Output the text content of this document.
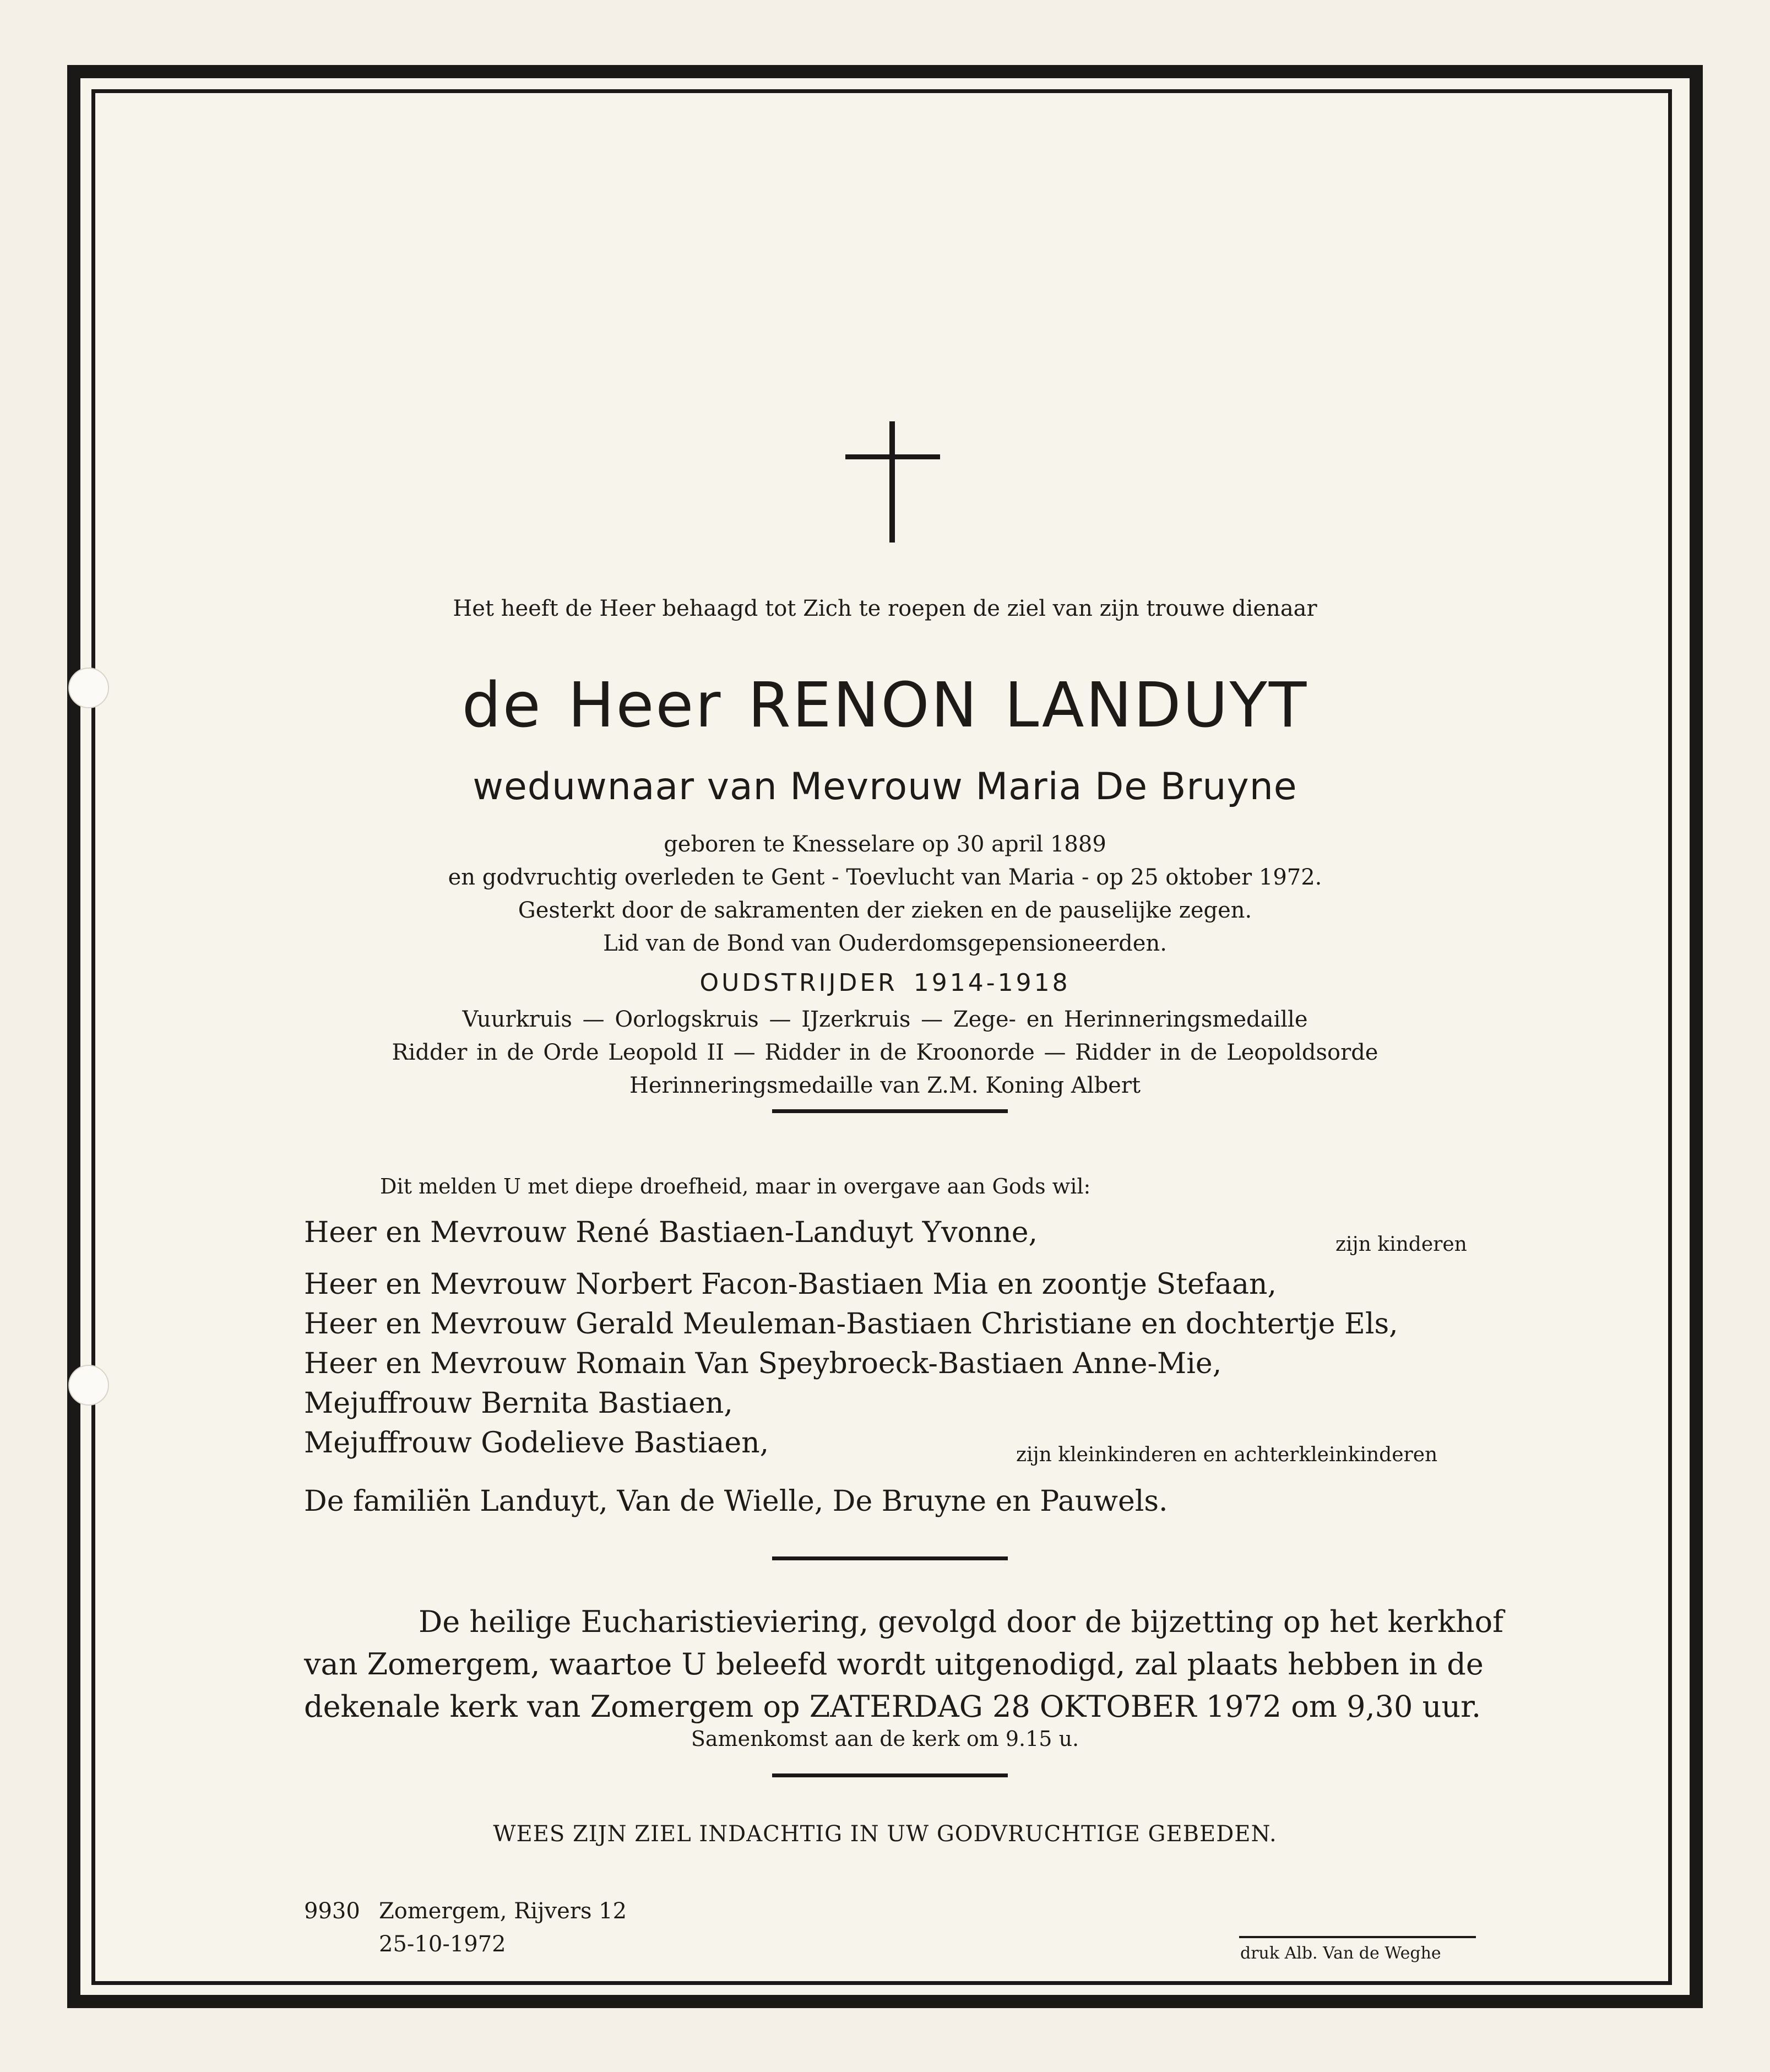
Het heeft de Heer behaagd tot Zich te roepen de ziel van zijn trouwe dienaar
de Heer RENON LANDUYT
weduwnaar van Mevrouw Maria De Bruyne
geboren te Knesselare op 30 april 1889
en godvruchtig overleden te Gent - Toevlucht van Maria - op 25 oktober 1972.
Gesterkt door de sakramenten der zieken en de pauselijke zegen.
Lid van de Bond van Ouderdomsgepensioneerden.
OUDSTRIJDER 1914-1918
Vuurkruis — Oorlogskruis — IJzerkruis — Zege- en Herinneringsmedaille
Ridder in de Orde Leopold II — Ridder in de Kroonorde — Ridder in de Leopoldsorde
Herinneringsmedaille van Z.M. Koning Albert
Dit melden U met diepe droefheid, maar in overgave aan Gods wil:
Heer en Mevrouw René Bastiaen-Landuyt Yvonne,	zijn kinderen
Heer en Mevrouw Norbert Facon-Bastiaen Mia en zoontje Stefaan,
Heer en Mevrouw Gerald Meuleman-Bastiaen Christiane en dochtertje Els,
Heer en Mevrouw Romain Van Speybroeck-Bastiaen Anne-Mie,
Mejuffrouw Bernita Bastiaen,
Mejuffrouw Godelieve Bastiaen,	zijn kleinkinderen en achterkleinkinderen
De familiën Landuyt, Van de Wielle, De Bruyne en Pauwels.
De heilige Eucharistieviering, gevolgd door de bijzetting op het kerkhof
van Zomergem, waartoe U beleefd wordt uitgenodigd, zal plaats hebben in de
dekenale kerk van Zomergem op ZATERDAG 28 OKTOBER 1972 om 9,30 uur.
Samenkomst aan de kerk om 9.15 u.
WEES ZIJN ZIEL INDACHTIG IN UW GODVRUCHTIGE GEBEDEN.
9930 Zomergem, Rijvers 12
25-10-1972	druk Alb. Van de Weghe
